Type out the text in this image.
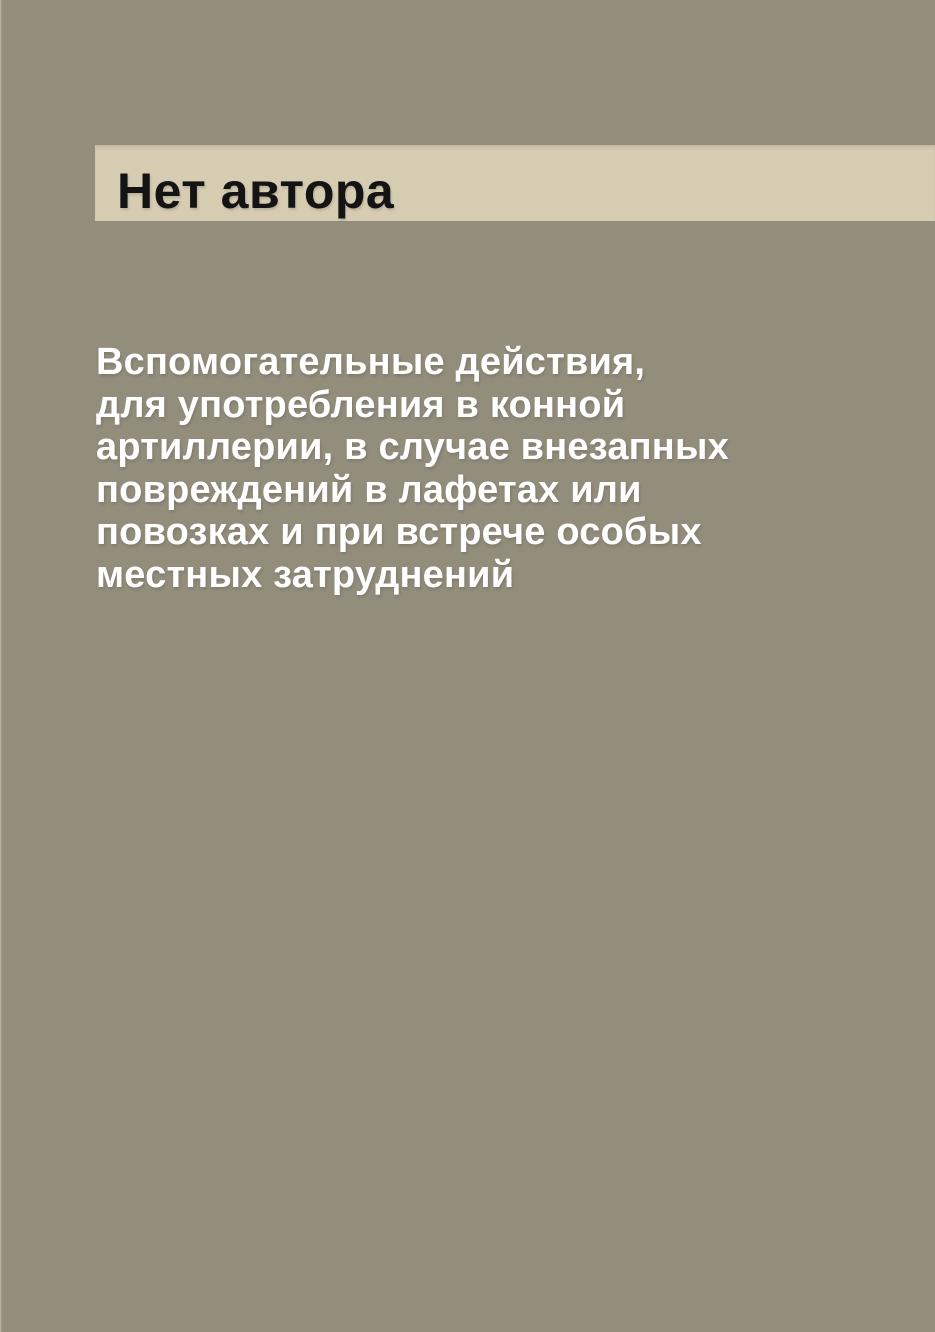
Нет автора
Вспомогательные действия,
для употребления в конной
артиллерии, в случае внезапных
повреждений в лафетах или
повозках и при встрече особых
местных затруднений
